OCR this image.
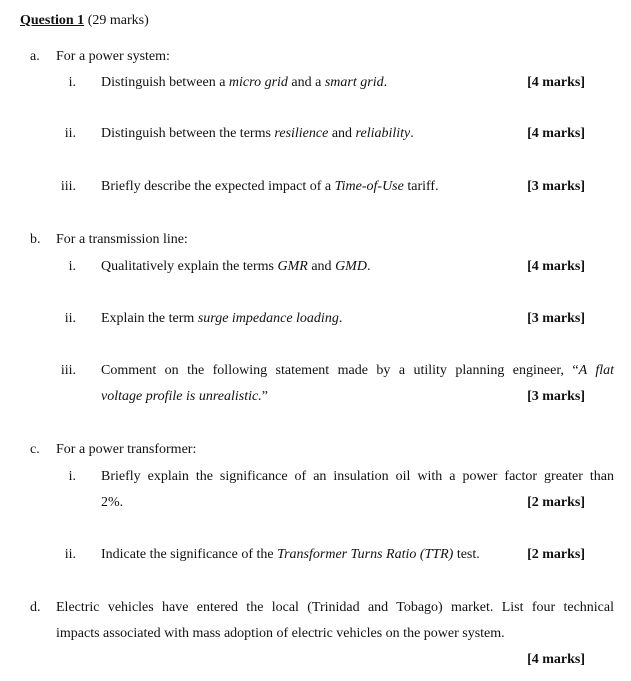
Question 1 (29 marks)
a. For a power system:
i. Distinguish between a micro grid and a smart grid.	[4 marks]
ii. Distinguish between the terms resilience and reliability.	[4 marks]
iii. Briefly describe the expected impact of a Time-of-Use tariff.	[3 marks]
b. For a transmission line:
i. Qualitatively explain the terms GMR and GMD.	[4 marks]
ii. Explain the term surge impedance loading.	[3 marks]
iii. Comment on the following statement made by a utility planning engineer, “A flat
voltage profile is unrealistic.”	[3 marks]
c. For a power transformer:
i. Briefly explain the significance of an insulation oil with a power factor greater than
2%.	[2 marks]
ii. Indicate the significance of the Transformer Turns Ratio (TTR) test.	[2 marks]
d. Electric vehicles have entered the local (Trinidad and Tobago) market. List four technical
impacts associated with mass adoption of electric vehicles on the power system.
[4 marks]
